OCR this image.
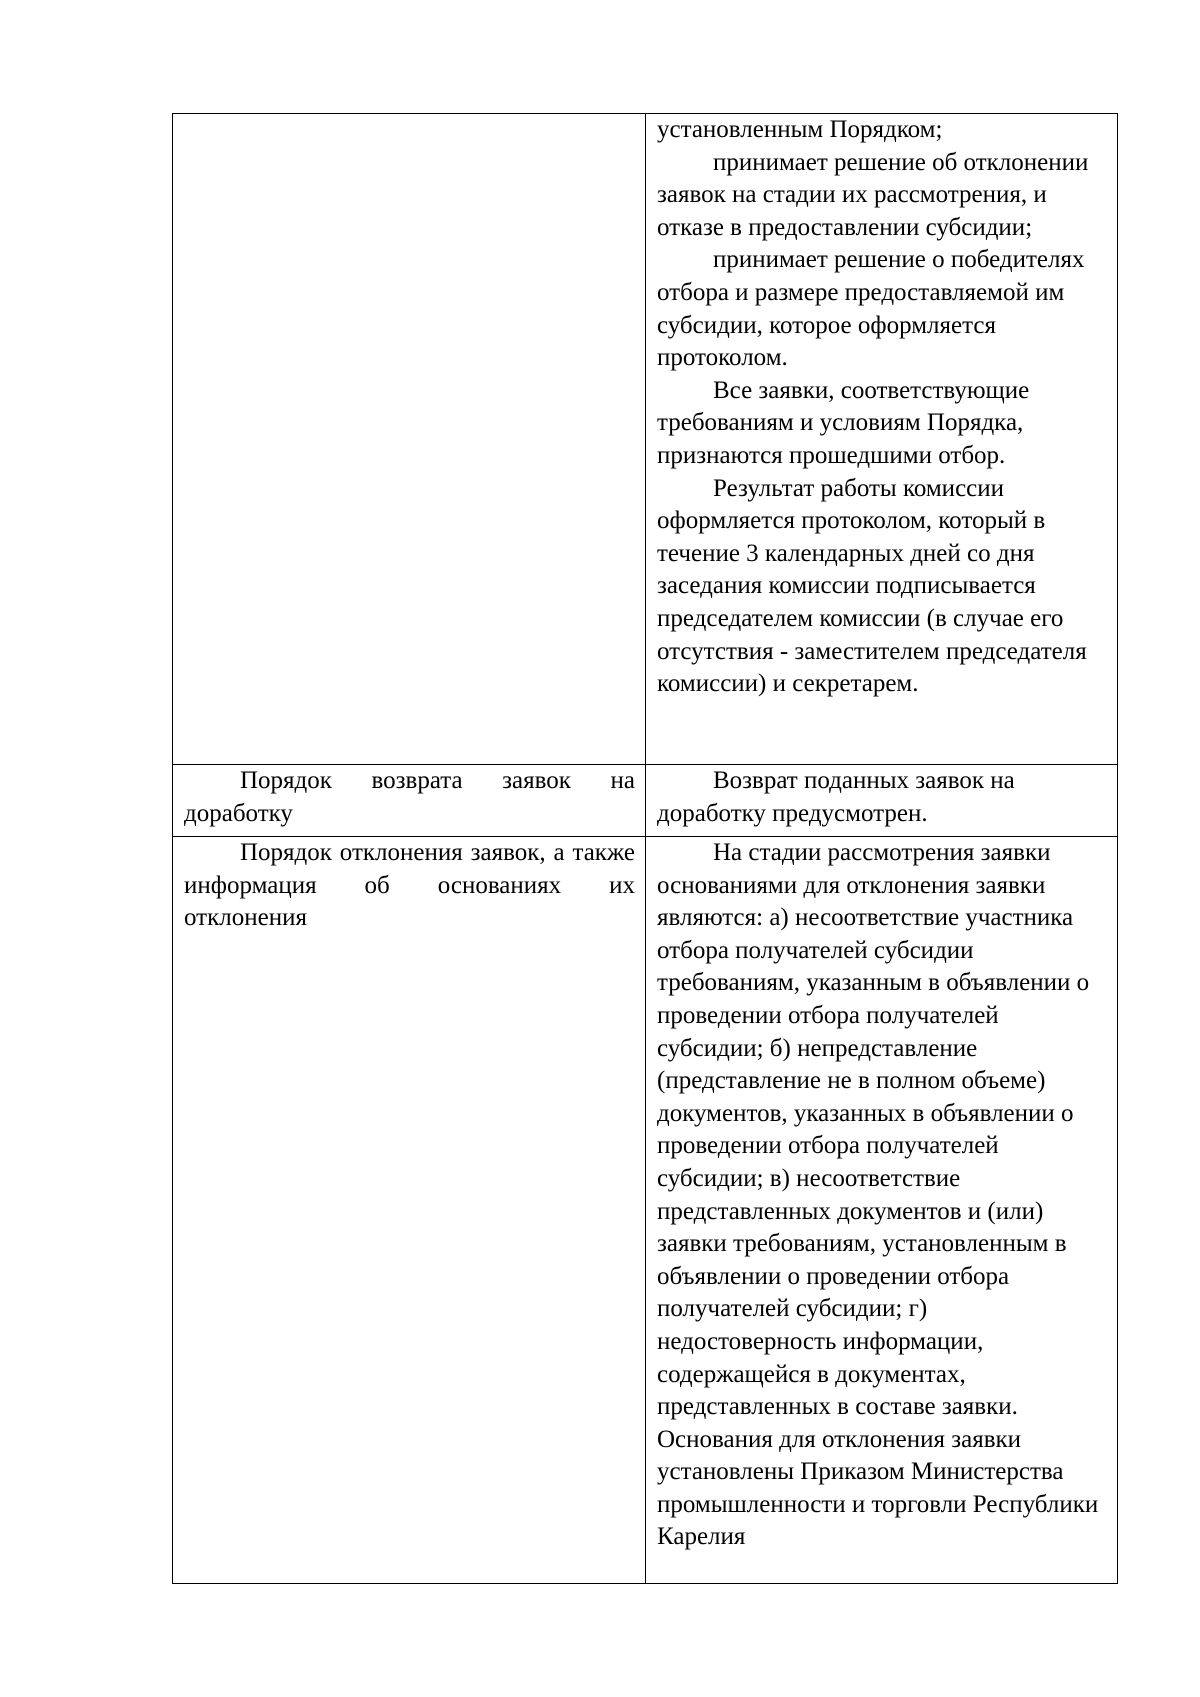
	установленным Порядком;

принимает решение об отклонении заявок на стадии их рассмотрения, и отказе в предоставлении субсидии;

принимает решение о победителях отбора и размере предоставляемой им субсидии, которое оформляется протоколом.

Все заявки, соответствующие требованиям и условиям Порядка, признаются прошедшими отбор.

Результат работы комиссии оформляется протоколом, который в течение 3 календарных дней со дня заседания комиссии подписывается председателем комиссии (в случае его отсутствия - заместителем председателя комиссии) и секретарем.

Порядок возврата заявок на доработку	Возврат поданных заявок на доработку предусмотрен.

Порядок отклонения заявок, а также информация об основаниях их отклонения	На стадии рассмотрения заявки основаниями для отклонения заявки являются: а) несоответствие участника отбора получателей субсидии требованиям, указанным в объявлении о проведении отбора получателей субсидии; б) непредставление (представление не в полном объеме) документов, указанных в объявлении о проведении отбора получателей субсидии; в) несоответствие представленных документов и (или) заявки требованиям, установленным в объявлении о проведении отбора получателей субсидии; г) недостоверность информации, содержащейся в документах, представленных в составе заявки. Основания для отклонения заявки установлены Приказом Министерства промышленности и торговли Республики Карелия
